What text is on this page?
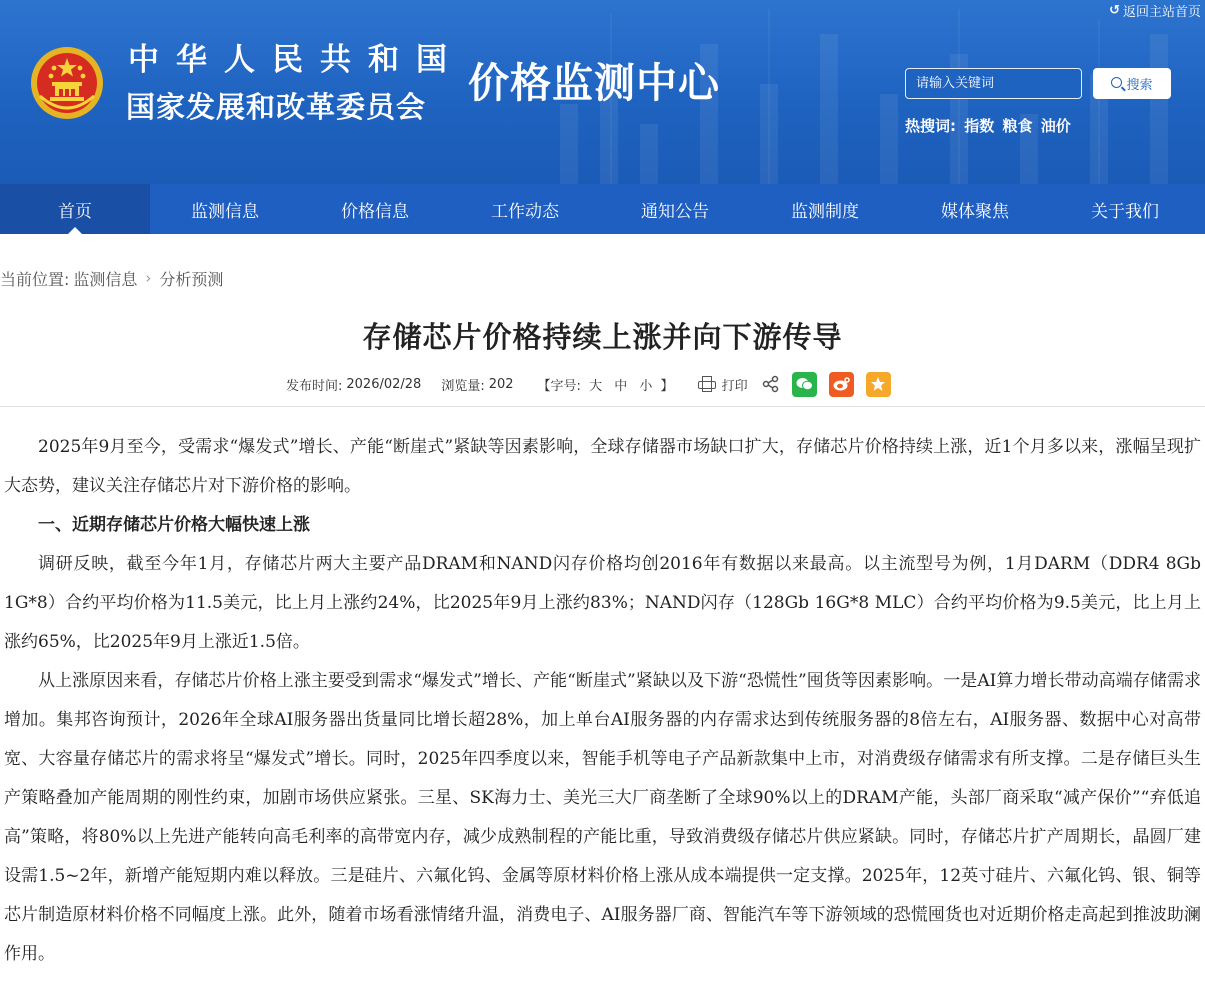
↺ 返回主站首页
中华人民共和国
国家发展和改革委员会 价格监测中心
请输入关键词	搜索
热搜词: 指数 粮食 油价
首页	监测信息	价格信息	工作动态	通知公告	监测制度	媒体聚焦	关于我们
当前位置: 监测信息 › 分析预测
存储芯片价格持续上涨并向下游传导
发布时间: 2026/02/28 浏览量: 202 【字号: 大 中 小 】	打印

2025年9月至今，受需求“爆发式”增长、产能“断崖式”紧缺等因素影响，全球存储器市场缺口扩大，存储芯片价格持续上涨，近1个月多以来，涨幅呈现扩大态势，建议关注存储芯片对下游价格的影响。

一、近期存储芯片价格大幅快速上涨

调研反映，截至今年1月，存储芯片两大主要产品DRAM和NAND闪存价格均创2016年有数据以来最高。以主流型号为例，1月DARM（DDR4 8Gb 1G*8）合约平均价格为11.5美元，比上月上涨约24%，比2025年9月上涨约83%；NAND闪存（128Gb 16G*8 MLC）合约平均价格为9.5美元，比上月上涨约65%，比2025年9月上涨近1.5倍。

从上涨原因来看，存储芯片价格上涨主要受到需求“爆发式”增长、产能“断崖式”紧缺以及下游“恐慌性”囤货等因素影响。一是AI算力增长带动高端存储需求增加。集邦咨询预计，2026年全球AI服务器出货量同比增长超28%，加上单台AI服务器的内存需求达到传统服务器的8倍左右，AI服务器、数据中心对高带宽、大容量存储芯片的需求将呈“爆发式”增长。同时，2025年四季度以来，智能手机等电子产品新款集中上市，对消费级存储需求有所支撑。二是存储巨头生产策略叠加产能周期的刚性约束，加剧市场供应紧张。三星、SK海力士、美光三大厂商垄断了全球90%以上的DRAM产能，头部厂商采取“减产保价”“弃低追高”策略，将80%以上先进产能转向高毛利率的高带宽内存，减少成熟制程的产能比重，导致消费级存储芯片供应紧缺。同时，存储芯片扩产周期长，晶圆厂建设需1.5~2年，新增产能短期内难以释放。三是硅片、六氟化钨、金属等原材料价格上涨从成本端提供一定支撑。2025年，12英寸硅片、六氟化钨、银、铜等芯片制造原材料价格不同幅度上涨。此外，随着市场看涨情绪升温，消费电子、AI服务器厂商、智能汽车等下游领域的恐慌囤货也对近期价格走高起到推波助澜作用。
